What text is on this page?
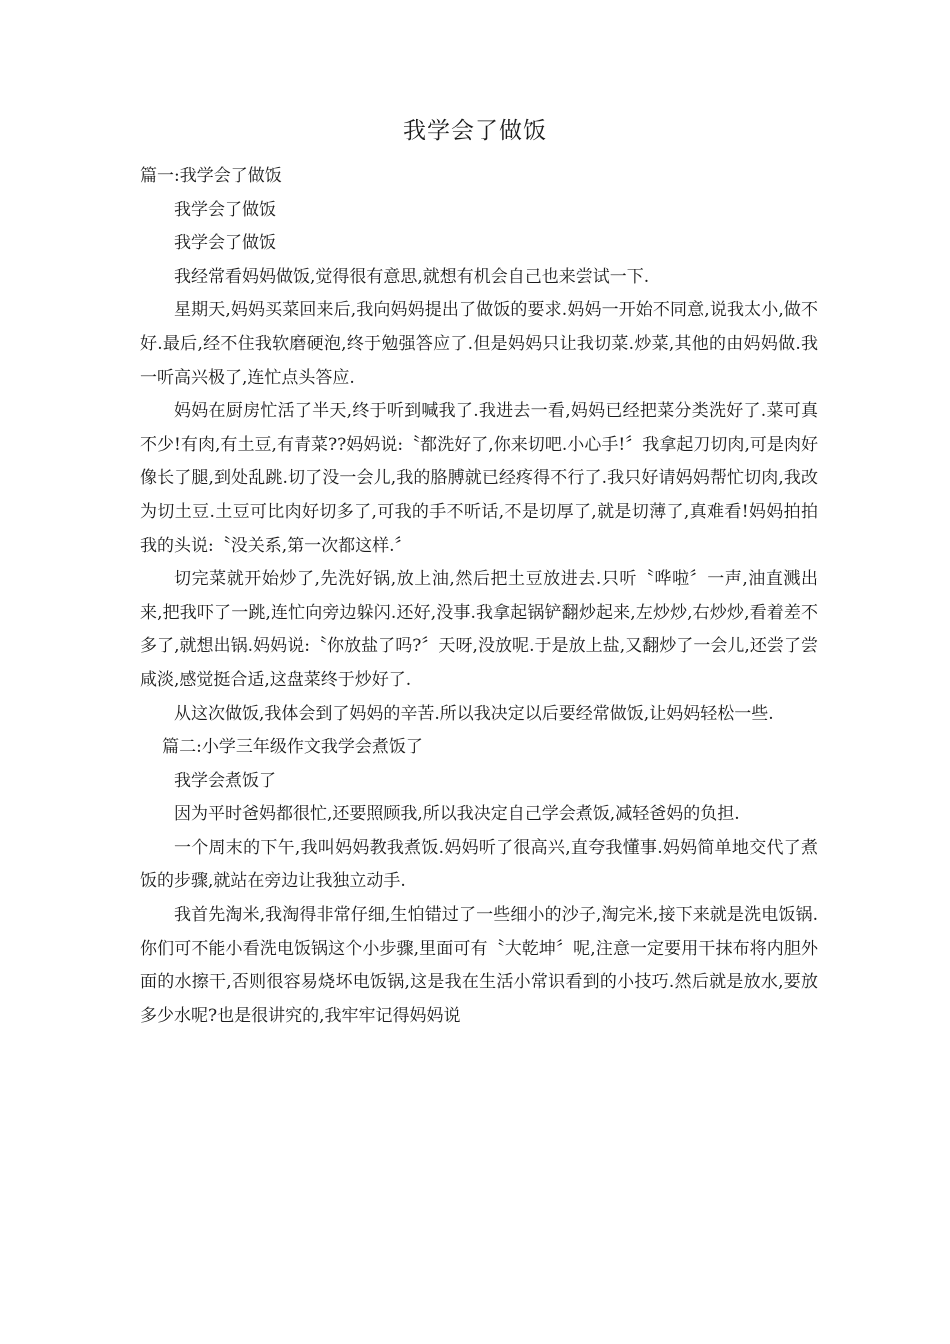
我学会了做饭

篇一:我学会了做饭

我学会了做饭

我学会了做饭

我经常看妈妈做饭,觉得很有意思,就想有机会自己也来尝试一下.

星期天,妈妈买菜回来后,我向妈妈提出了做饭的要求.妈妈一开始不同意,说我太小,做不好.最后,经不住我软磨硬泡,终于勉强答应了.但是妈妈只让我切菜.炒菜,其他的由妈妈做.我一听高兴极了,连忙点头答应.

妈妈在厨房忙活了半天,终于听到喊我了.我进去一看,妈妈已经把菜分类洗好了.菜可真不少!有肉,有土豆,有青菜??妈妈说:〝都洗好了,你来切吧.小心手!〞我拿起刀切肉,可是肉好像长了腿,到处乱跳.切了没一会儿,我的胳膊就已经疼得不行了.我只好请妈妈帮忙切肉,我改为切土豆.土豆可比肉好切多了,可我的手不听话,不是切厚了,就是切薄了,真难看!妈妈拍拍我的头说:〝没关系,第一次都这样.〞

切完菜就开始炒了,先洗好锅,放上油,然后把土豆放进去.只听〝哗啦〞一声,油直溅出来,把我吓了一跳,连忙向旁边躲闪.还好,没事.我拿起锅铲翻炒起来,左炒炒,右炒炒,看着差不多了,就想出锅.妈妈说:〝你放盐了吗?〞天呀,没放呢.于是放上盐,又翻炒了一会儿,还尝了尝咸淡,感觉挺合适,这盘菜终于炒好了.

从这次做饭,我体会到了妈妈的辛苦.所以我决定以后要经常做饭,让妈妈轻松一些.

篇二:小学三年级作文我学会煮饭了

我学会煮饭了

因为平时爸妈都很忙,还要照顾我,所以我决定自己学会煮饭,减轻爸妈的负担.

一个周末的下午,我叫妈妈教我煮饭.妈妈听了很高兴,直夸我懂事.妈妈简单地交代了煮饭的步骤,就站在旁边让我独立动手.

我首先淘米,我淘得非常仔细,生怕错过了一些细小的沙子,淘完米,接下来就是洗电饭锅.你们可不能小看洗电饭锅这个小步骤,里面可有〝大乾坤〞呢,注意一定要用干抹布将内胆外面的水擦干,否则很容易烧坏电饭锅,这是我在生活小常识看到的小技巧.然后就是放水,要放多少水呢?也是很讲究的,我牢牢记得妈妈说
